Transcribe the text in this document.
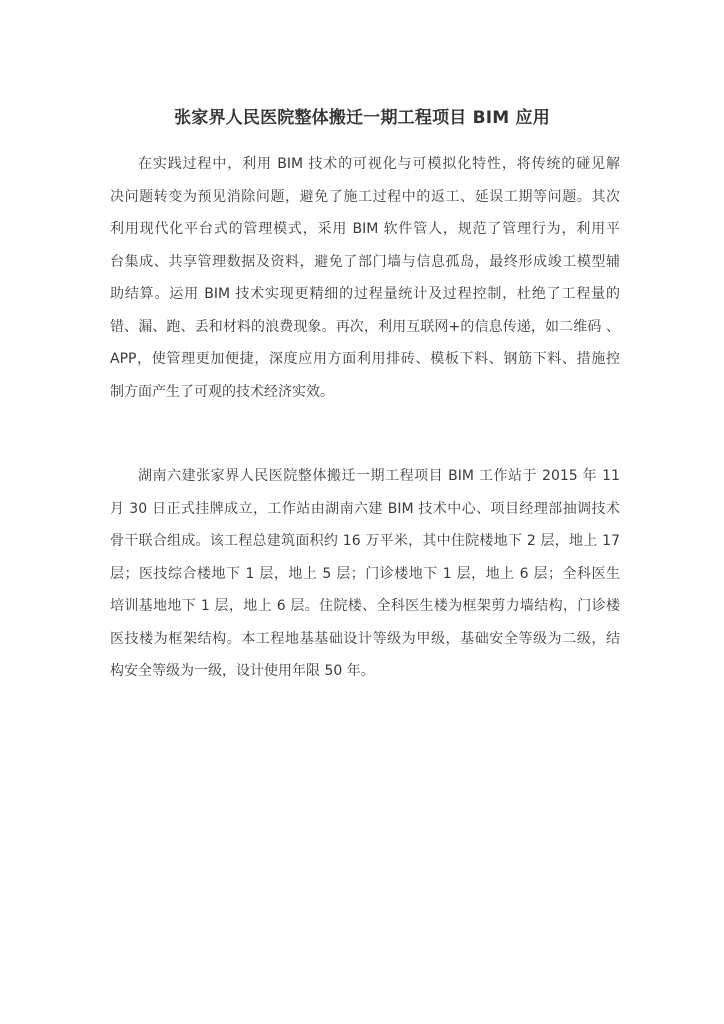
张家界人民医院整体搬迁一期工程项目 BIM 应用
在实践过程中，利用 BIM 技术的可视化与可模拟化特性，将传统的碰见解
决问题转变为预见消除问题，避免了施工过程中的返工、延误工期等问题。其次
利用现代化平台式的管理模式，采用 BIM 软件管人，规范了管理行为，利用平
台集成、共享管理数据及资料，避免了部门墙与信息孤岛，最终形成竣工模型辅
助结算。运用 BIM 技术实现更精细的过程量统计及过程控制，杜绝了工程量的
错、漏、跑、丢和材料的浪费现象。再次，利用互联网+的信息传递，如二维码 、
APP，使管理更加便捷，深度应用方面利用排砖、模板下料、钢筋下料、措施控
制方面产生了可观的技术经济实效。
湖南六建张家界人民医院整体搬迁一期工程项目 BIM 工作站于 2015 年 11
月 30 日正式挂牌成立，工作站由湖南六建 BIM 技术中心、项目经理部抽调技术
骨干联合组成。该工程总建筑面积约 16 万平米，其中住院楼地下 2 层，地上 17
层；医技综合楼地下 1 层，地上 5 层；门诊楼地下 1 层，地上 6 层；全科医生
培训基地地下 1 层，地上 6 层。住院楼、全科医生楼为框架剪力墙结构，门诊楼
医技楼为框架结构。本工程地基基础设计等级为甲级，基础安全等级为二级，结
构安全等级为一级，设计使用年限 50 年。
